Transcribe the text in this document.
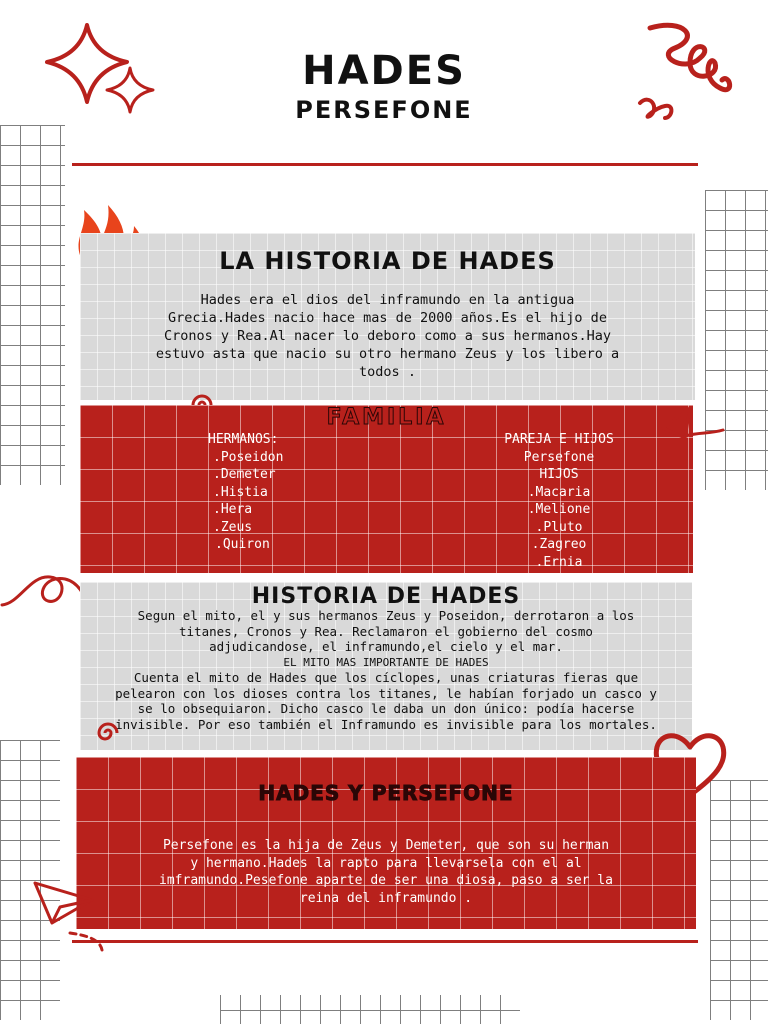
HADES
PERSEFONE
LA HISTORIA DE HADES
Hades era el dios del inframundo en la antigua
Grecia.Hades nacio hace mas de 2000 años.Es el hijo de
Cronos y Rea.Al nacer lo deboro como a sus hermanos.Hay
estuvo asta que nacio su otro hermano Zeus y los libero a
todos .
FAMILIA
HERMANOS:
.Poseidon
.Demeter
.Histia
.Hera
.Zeus
.Quiron
PAREJA E HIJOS
Persefone
HIJOS
.Macaria
.Melione
.Pluto
.Zagreo
.Ernia
HISTORIA DE HADES
Segun el mito, el y sus hermanos Zeus y Poseidon, derrotaron a los
titanes, Cronos y Rea. Reclamaron el gobierno del cosmo
adjudicandose, el inframundo,el cielo y el mar.
EL MITO MAS IMPORTANTE DE HADES
Cuenta el mito de Hades que los cíclopes, unas criaturas fieras que
pelearon con los dioses contra los titanes, le habían forjado un casco y
se lo obsequiaron. Dicho casco le daba un don único: podía hacerse
invisible. Por eso también el Inframundo es invisible para los mortales.
HADES Y PERSEFONE
Persefone es la hija de Zeus y Demeter, que son su herman
y hermano.Hades la rapto para llevarsela con el al
imframundo.Pesefone aparte de ser una diosa, paso a ser la
reina del inframundo .
